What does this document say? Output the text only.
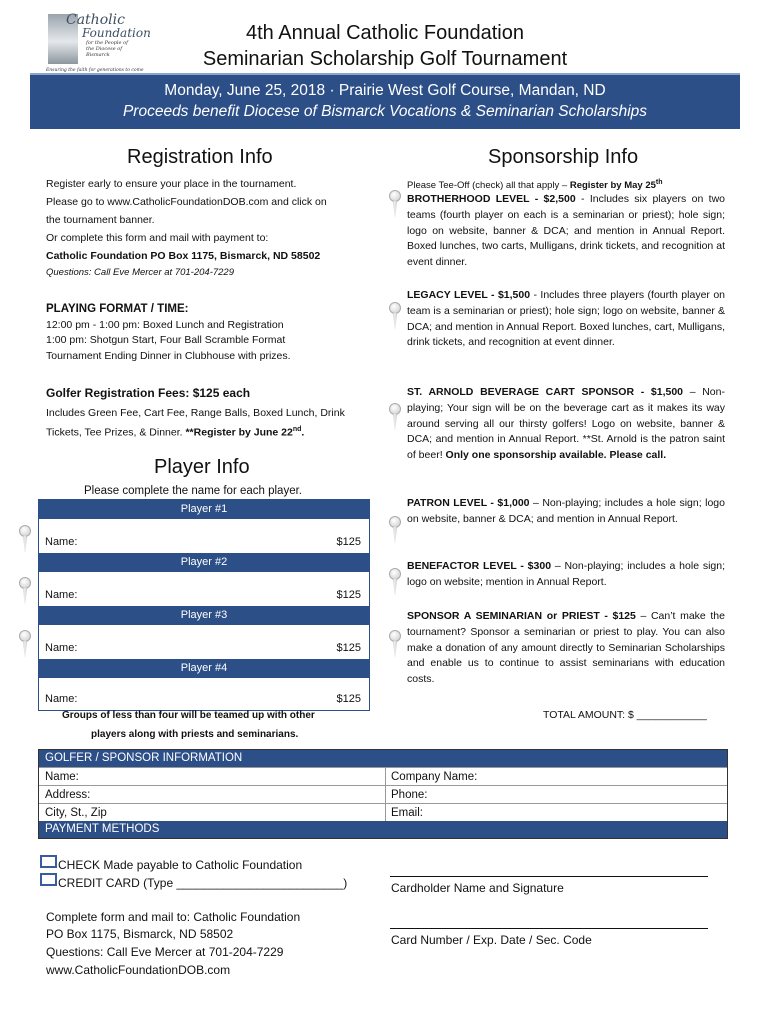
Catholic
Foundation
for the People of the Diocese of Bismarck
Ensuring the faith for generations to come
4th Annual Catholic Foundation
Seminarian Scholarship Golf Tournament
Monday, June 25, 2018 · Prairie West Golf Course, Mandan, ND
Proceeds benefit Diocese of Bismarck Vocations & Seminarian Scholarships
Registration Info
Register early to ensure your place in the tournament.
Please go to www.CatholicFoundationDOB.com and click on
the tournament banner.
Or complete this form and mail with payment to:
Catholic Foundation PO Box 1175, Bismarck, ND 58502
Questions: Call Eve Mercer at 701-204-7229
PLAYING FORMAT / TIME:
12:00 pm - 1:00 pm: Boxed Lunch and Registration
1:00 pm: Shotgun Start, Four Ball Scramble Format
Tournament Ending Dinner in Clubhouse with prizes.
Golfer Registration Fees: $125 each
Includes Green Fee, Cart Fee, Range Balls, Boxed Lunch, Drink
Tickets, Tee Prizes, & Dinner. **Register by June 22nd.
Player Info
Please complete the name for each player.
Player #1
Name:	$125
Player #2
Name:	$125
Player #3
Name:	$125
Player #4
Name:	$125
Groups of less than four will be teamed up with other
players along with priests and seminarians.
Sponsorship Info
Please Tee-Off (check) all that apply – Register by May 25th
BROTHERHOOD LEVEL - $2,500 - Includes six players on two teams (fourth player on each is a seminarian or priest); hole sign; logo on website, banner & DCA; and mention in Annual Report. Boxed lunches, two carts, Mulligans, drink tickets, and recognition at event dinner.
LEGACY LEVEL - $1,500 - Includes three players (fourth player on team is a seminarian or priest); hole sign; logo on website, banner & DCA; and mention in Annual Report. Boxed lunches, cart, Mulligans, drink tickets, and recognition at event dinner.
ST. ARNOLD BEVERAGE CART SPONSOR - $1,500 – Non-playing; Your sign will be on the beverage cart as it makes its way around serving all our thirsty golfers! Logo on website, banner & DCA; and mention in Annual Report. **St. Arnold is the patron saint of beer! Only one sponsorship available. Please call.
PATRON LEVEL - $1,000 – Non-playing; includes a hole sign; logo on website, banner & DCA; and mention in Annual Report.
BENEFACTOR LEVEL - $300 – Non-playing; includes a hole sign; logo on website; mention in Annual Report.
SPONSOR A SEMINARIAN or PRIEST - $125 – Can’t make the tournament? Sponsor a seminarian or priest to play. You can also make a donation of any amount directly to Seminarian Scholarships and enable us to continue to assist seminarians with education costs.
TOTAL AMOUNT: $ ____________
GOLFER / SPONSOR INFORMATION
Name:	Company Name:
Address:	Phone:
City, St., Zip	Email:
PAYMENT METHODS
CHECK Made payable to Catholic Foundation
CREDIT CARD (Type _________________________)	Cardholder Name and Signature
Card Number / Exp. Date / Sec. Code
Complete form and mail to: Catholic Foundation
PO Box 1175, Bismarck, ND 58502
Questions: Call Eve Mercer at 701-204-7229
www.CatholicFoundationDOB.com
